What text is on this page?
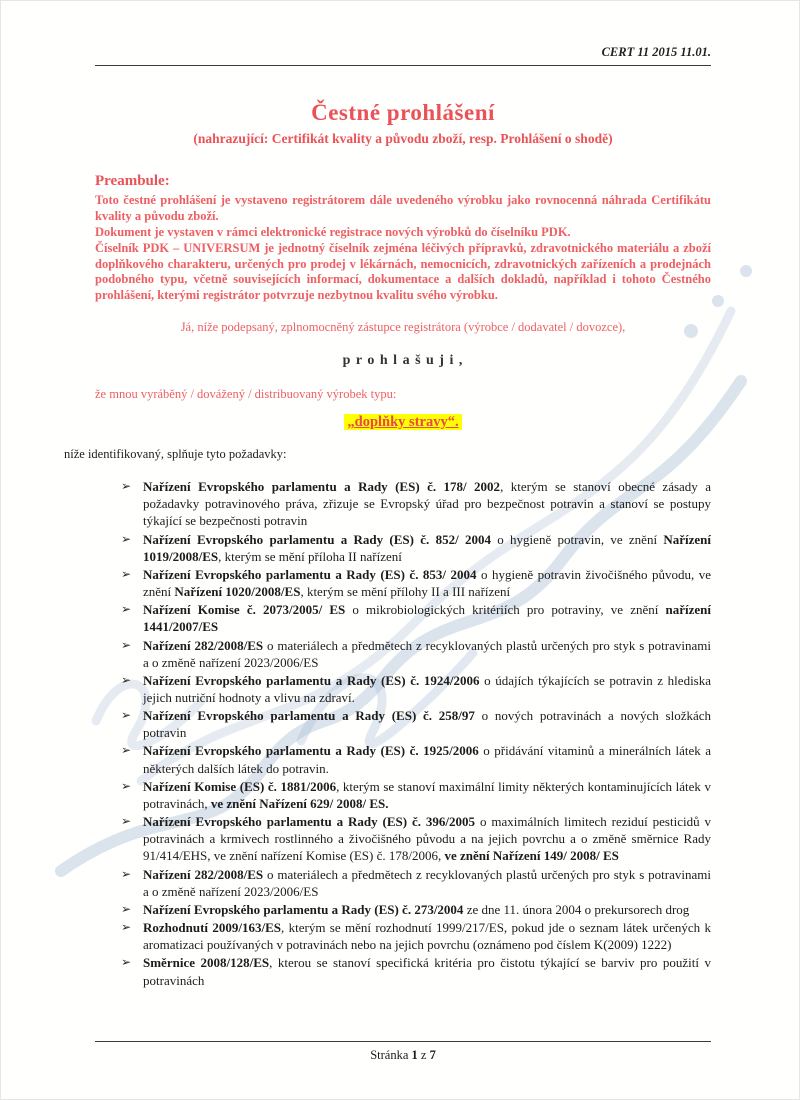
CERT 11 2015 11.01.
Čestné prohlášení
(nahrazující: Certifikát kvality a původu zboží, resp. Prohlášení o shodě)
Preambule:
Toto čestné prohlášení je vystaveno registrátorem dále uvedeného výrobku jako rovnocenná náhrada Certifikátu kvality a původu zboží.
Dokument je vystaven v rámci elektronické registrace nových výrobků do číselníku PDK.
Číselník PDK – UNIVERSUM je jednotný číselník zejména léčivých přípravků, zdravotnického materiálu a zboží doplňkového charakteru, určených pro prodej v lékárnách, nemocnicích, zdravotnických zařízeních a prodejnách podobného typu, včetně souvisejících informací, dokumentace a dalších dokladů, například i tohoto Čestného prohlášení, kterými registrátor potvrzuje nezbytnou kvalitu svého výrobku.
Já, níže podepsaný, zplnomocněný zástupce registrátora (výrobce / dodavatel / dovozce),
p r o h l a š u j i ,
že mnou vyráběný / dovážený / distribuovaný výrobek typu:
„doplňky stravy“.
níže identifikovaný, splňuje tyto požadavky:
➢ Nařízení Evropského parlamentu a Rady (ES) č. 178/ 2002, kterým se stanoví obecné zásady a požadavky potravinového práva, zřizuje se Evropský úřad pro bezpečnost potravin a stanoví se postupy týkající se bezpečnosti potravin
➢ Nařízení Evropského parlamentu a Rady (ES) č. 852/ 2004 o hygieně potravin, ve znění Nařízení 1019/2008/ES, kterým se mění příloha II nařízení
➢ Nařízení Evropského parlamentu a Rady (ES) č. 853/ 2004 o hygieně potravin živočišného původu, ve znění Nařízení 1020/2008/ES, kterým se mění přílohy II a III nařízení
➢ Nařízení Komise č. 2073/2005/ ES o mikrobiologických kritériích pro potraviny, ve znění nařízení 1441/2007/ES
➢ Nařízení 282/2008/ES o materiálech a předmětech z recyklovaných plastů určených pro styk s potravinami a o změně nařízení 2023/2006/ES
➢ Nařízení Evropského parlamentu a Rady (ES) č. 1924/2006 o údajích týkajících se potravin z hlediska jejich nutriční hodnoty a vlivu na zdraví.
➢ Nařízení Evropského parlamentu a Rady (ES) č. 258/97 o nových potravinách a nových složkách potravin
➢ Nařízení Evropského parlamentu a Rady (ES) č. 1925/2006 o přidávání vitaminů a minerálních látek a některých dalších látek do potravin.
➢ Nařízení Komise (ES) č. 1881/2006, kterým se stanoví maximální limity některých kontaminujících látek v potravinách, ve znění Nařízení 629/ 2008/ ES.
➢ Nařízení Evropského parlamentu a Rady (ES) č. 396/2005 o maximálních limitech reziduí pesticidů v potravinách a krmivech rostlinného a živočišného původu a na jejich povrchu a o změně směrnice Rady 91/414/EHS, ve znění nařízení Komise (ES) č. 178/2006, ve znění Nařízení 149/ 2008/ ES
➢ Nařízení 282/2008/ES o materiálech a předmětech z recyklovaných plastů určených pro styk s potravinami a o změně nařízení 2023/2006/ES
➢ Nařízení Evropského parlamentu a Rady (ES) č. 273/2004 ze dne 11. února 2004 o prekursorech drog
➢ Rozhodnutí 2009/163/ES, kterým se mění rozhodnutí 1999/217/ES, pokud jde o seznam látek určených k aromatizaci používaných v potravinách nebo na jejich povrchu (oznámeno pod číslem K(2009) 1222)
➢ Směrnice 2008/128/ES, kterou se stanoví specifická kritéria pro čistotu týkající se barviv pro použití v potravinách
Stránka 1 z 7
